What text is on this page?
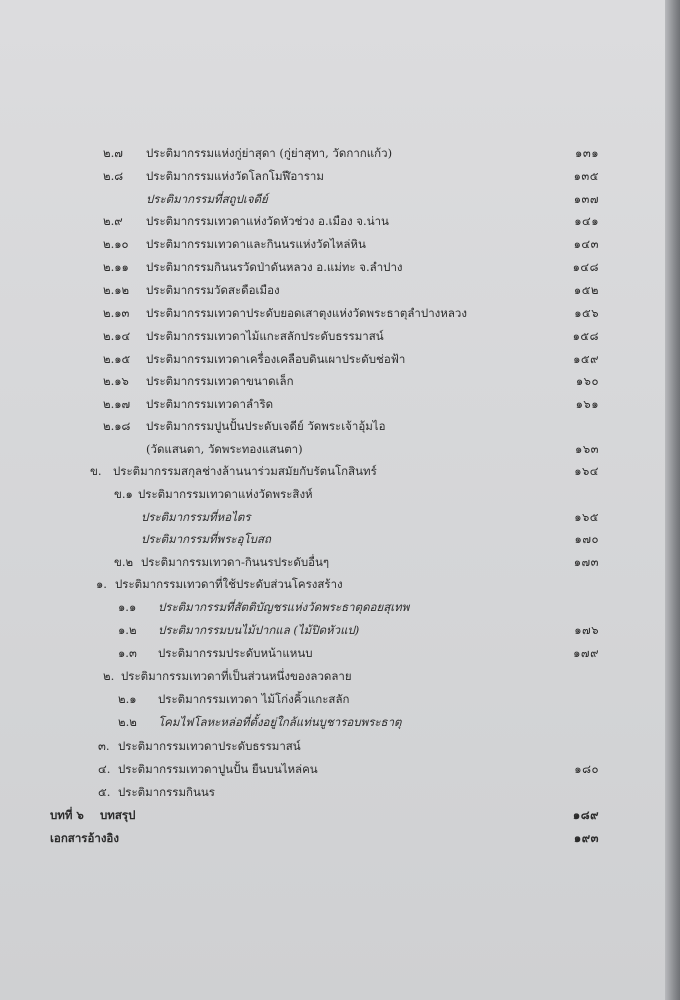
๒.๗ ประติมากรรมแห่งกู่ย่าสุดา (กู่ย่าสุทา, วัดกากแก้ว)	๑๓๑
๒.๘ ประติมากรรมแห่งวัดโลกโมฬีอาราม	๑๓๕
ประติมากรรมที่สถูปเจดีย์	๑๓๗
๒.๙ ประติมากรรมเทวดาแห่งวัดหัวช่วง อ.เมือง จ.น่าน	๑๔๑
๒.๑๐ ประติมากรรมเทวดาและกินนรแห่งวัดไหล่หิน	๑๔๓
๒.๑๑ ประติมากรรมกินนรวัดป่าดันหลวง อ.แม่ทะ จ.ลำปาง	๑๔๘
๒.๑๒ ประติมากรรมวัดสะดือเมือง	๑๕๒
๒.๑๓ ประติมากรรมเทวดาประดับยอดเสาตุงแห่งวัดพระธาตุลำปางหลวง	๑๕๖
๒.๑๔ ประติมากรรมเทวดาไม้แกะสลักประดับธรรมาสน์	๑๕๘
๒.๑๕ ประติมากรรมเทวดาเครื่องเคลือบดินเผาประดับช่อฟ้า	๑๕๙
๒.๑๖ ประติมากรรมเทวดาขนาดเล็ก	๑๖๐
๒.๑๗ ประติมากรรมเทวดาลำริด	๑๖๑
๒.๑๘ ประติมากรรมปูนปั้นประดับเจดีย์ วัดพระเจ้าอุ้มไอ
(วัดแสนตา, วัดพระทองแสนตา)	๑๖๓
ข. ประติมากรรมสกุลช่างล้านนาร่วมสมัยกับรัตนโกสินทร์	๑๖๔
ข.๑ ประติมากรรมเทวดาแห่งวัดพระสิงห์
ประติมากรรมที่หอไตร	๑๖๕
ประติมากรรมที่พระอุโบสถ	๑๗๐
ข.๒ ประติมากรรมเทวดา-กินนรประดับอื่นๆ	๑๗๓
๑. ประติมากรรมเทวดาที่ใช้ประดับส่วนโครงสร้าง
๑.๑ ประติมากรรมที่สัตติบัญชรแห่งวัดพระธาตุดอยสุเทพ
๑.๒ ประติมากรรมบนไม้ปากแล (ไม้ปิดหัวแป)	๑๗๖
๑.๓ ประติมากรรมประดับหน้าแหนบ	๑๗๙
๒. ประติมากรรมเทวดาที่เป็นส่วนหนึ่งของลวดลาย
๒.๑ ประติมากรรมเทวดา ไม้โก่งคิ้วแกะสลัก
๒.๒ โคมไฟโลหะหล่อที่ตั้งอยู่ใกล้แท่นบูชารอบพระธาตุ
๓. ประติมากรรมเทวดาประดับธรรมาสน์
๔. ประติมากรรมเทวดาปูนปั้น ยืนบนไหล่คน	๑๘๐
๕. ประติมากรรมกินนร
บทที่ ๖ บทสรุป	๑๘๙
เอกสารอ้างอิง	๑๙๓
